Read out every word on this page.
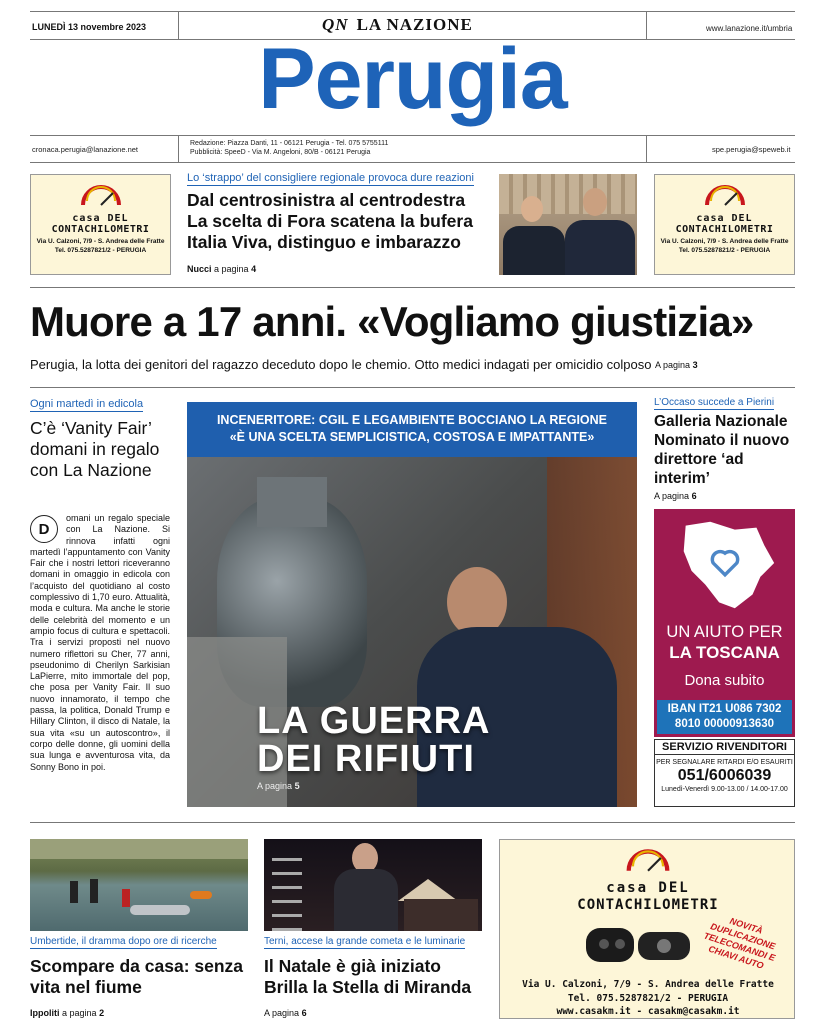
LUNEDÌ 13 novembre 2023	QN LA NAZIONE	www.lanazione.it/umbria
Perugia
cronaca.perugia@lanazione.net
Redazione: Piazza Danti, 11 - 06121 Perugia - Tel. 075 5755111
Pubblicità: SpeeD - Via M. Angeloni, 80/B - 06121 Perugia	spe.perugia@speweb.it
casa DEL
CONTACHILOMETRI
Via U. Calzoni, 7/9 - S. Andrea delle Fratte
Tel. 075.5287821/2 - PERUGIA
casa DEL
CONTACHILOMETRI
Via U. Calzoni, 7/9 - S. Andrea delle Fratte
Tel. 075.5287821/2 - PERUGIA
Lo ‘strappo’ del consigliere regionale provoca dure reazioni
Dal centrosinistra al centrodestra
La scelta di Fora scatena la bufera
Italia Viva, distinguo e imbarazzo
Nucci a pagina 4
Muore a 17 anni. «Vogliamo giustizia»
Perugia, la lotta dei genitori del ragazzo deceduto dopo le chemio. Otto medici indagati per omicidio colposo A pagina 3
Ogni martedì in edicola
C’è ‘Vanity Fair’ domani in regalo con La Nazione
D
omani un regalo speciale con La Nazione. Si rinnova infatti ogni martedì l’appuntamento con Vanity Fair che i nostri lettori riceveranno domani in omaggio in edicola con l’acquisto del quotidiano al costo complessivo di 1,70 euro. Attualità, moda e cultura. Ma anche le storie delle celebrità del momento e un ampio focus di cultura e spettacoli. Tra i servizi proposti nel nuovo numero riflettori su Cher, 77 anni, pseudonimo di Cherilyn Sarkisian LaPierre, mito immortale del pop, che posa per Vanity Fair. Il suo nuovo innamorato, il tempo che passa, la politica, Donald Trump e Hillary Clinton, il disco di Natale, la sua vita «su un autoscontro», il corpo delle donne, gli uomini della sua lunga e avventurosa vita, da Sonny Bono in poi.
INCENERITORE: CGIL E LEGAMBIENTE BOCCIANO LA REGIONE
«È UNA SCELTA SEMPLICISTICA, COSTOSA E IMPATTANTE»
LA GUERRA
DEI RIFIUTI
A pagina 5
L’Occaso succede a Pierini
Galleria Nazionale Nominato il nuovo direttore ‘ad interim’
A pagina 6
UN AIUTO PER
LA TOSCANA
Dona subito
IBAN IT21 U086 7302
8010 00000913630
SERVIZIO RIVENDITORI
PER SEGNALARE RITARDI E/O ESAURITI
051/6006039
Lunedì-Venerdì 9.00-13.00 / 14.00-17.00
Umbertide, il dramma dopo ore di ricerche
Scompare da casa: senza vita nel fiume
Ippoliti a pagina 2
Terni, accese la grande cometa e le luminarie
Il Natale è già iniziato
Brilla la Stella di Miranda
A pagina 6
casa DEL
CONTACHILOMETRI
NOVITÀ DUPLICAZIONE TELECOMANDI E CHIAVI AUTO
Via U. Calzoni, 7/9 - S. Andrea delle Fratte
Tel. 075.5287821/2 - PERUGIA
www.casakm.it - casakm@casakm.it
